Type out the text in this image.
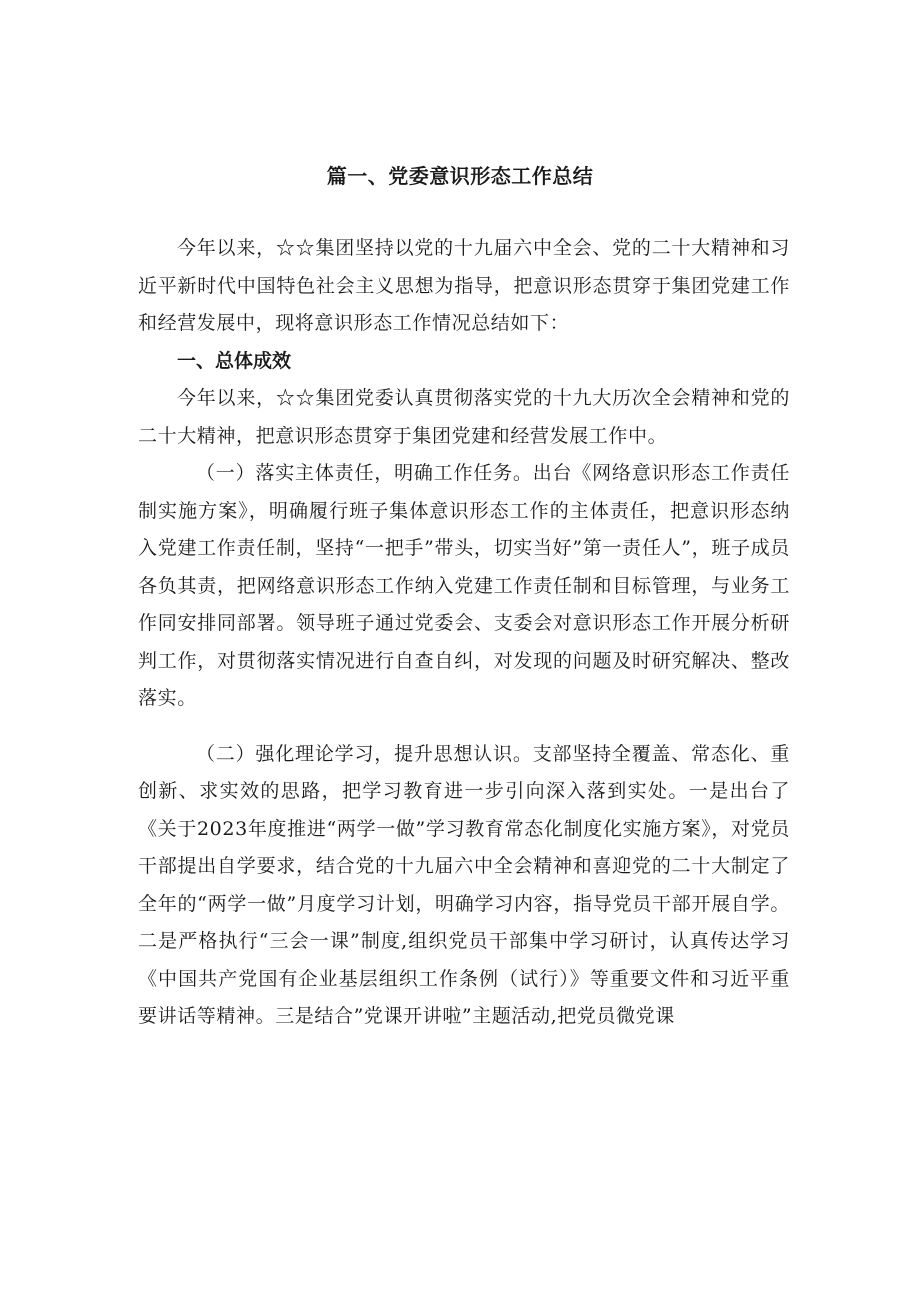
篇一、党委意识形态工作总结

今年以来，☆☆集团坚持以党的十九届六中全会、党的二十大精神和习近平新时代中国特色社会主义思想为指导，把意识形态贯穿于集团党建工作和经营发展中，现将意识形态工作情况总结如下：

一、总体成效

今年以来，☆☆集团党委认真贯彻落实党的十九大历次全会精神和党的二十大精神，把意识形态贯穿于集团党建和经营发展工作中。

（一）落实主体责任，明确工作任务。出台《网络意识形态工作责任制实施方案》，明确履行班子集体意识形态工作的主体责任，把意识形态纳入党建工作责任制，坚持“一把手”带头，切实当好”第一责任人”，班子成员各负其责，把网络意识形态工作纳入党建工作责任制和目标管理，与业务工作同安排同部署。领导班子通过党委会、支委会对意识形态工作开展分析研判工作，对贯彻落实情况进行自查自纠，对发现的问题及时研究解决、整改落实。

（二）强化理论学习，提升思想认识。支部坚持全覆盖、常态化、重创新、求实效的思路，把学习教育进一步引向深入落到实处。一是出台了《关于2023年度推进“两学一做”学习教育常态化制度化实施方案》，对党员干部提出自学要求，结合党的十九届六中全会精神和喜迎党的二十大制定了全年的“两学一做”月度学习计划，明确学习内容，指导党员干部开展自学。二是严格执行“三会一课”制度,组织党员干部集中学习研讨，认真传达学习《中国共产党国有企业基层组织工作条例（试行）》等重要文件和习近平重要讲话等精神。三是结合”党课开讲啦”主题活动,把党员微党课
